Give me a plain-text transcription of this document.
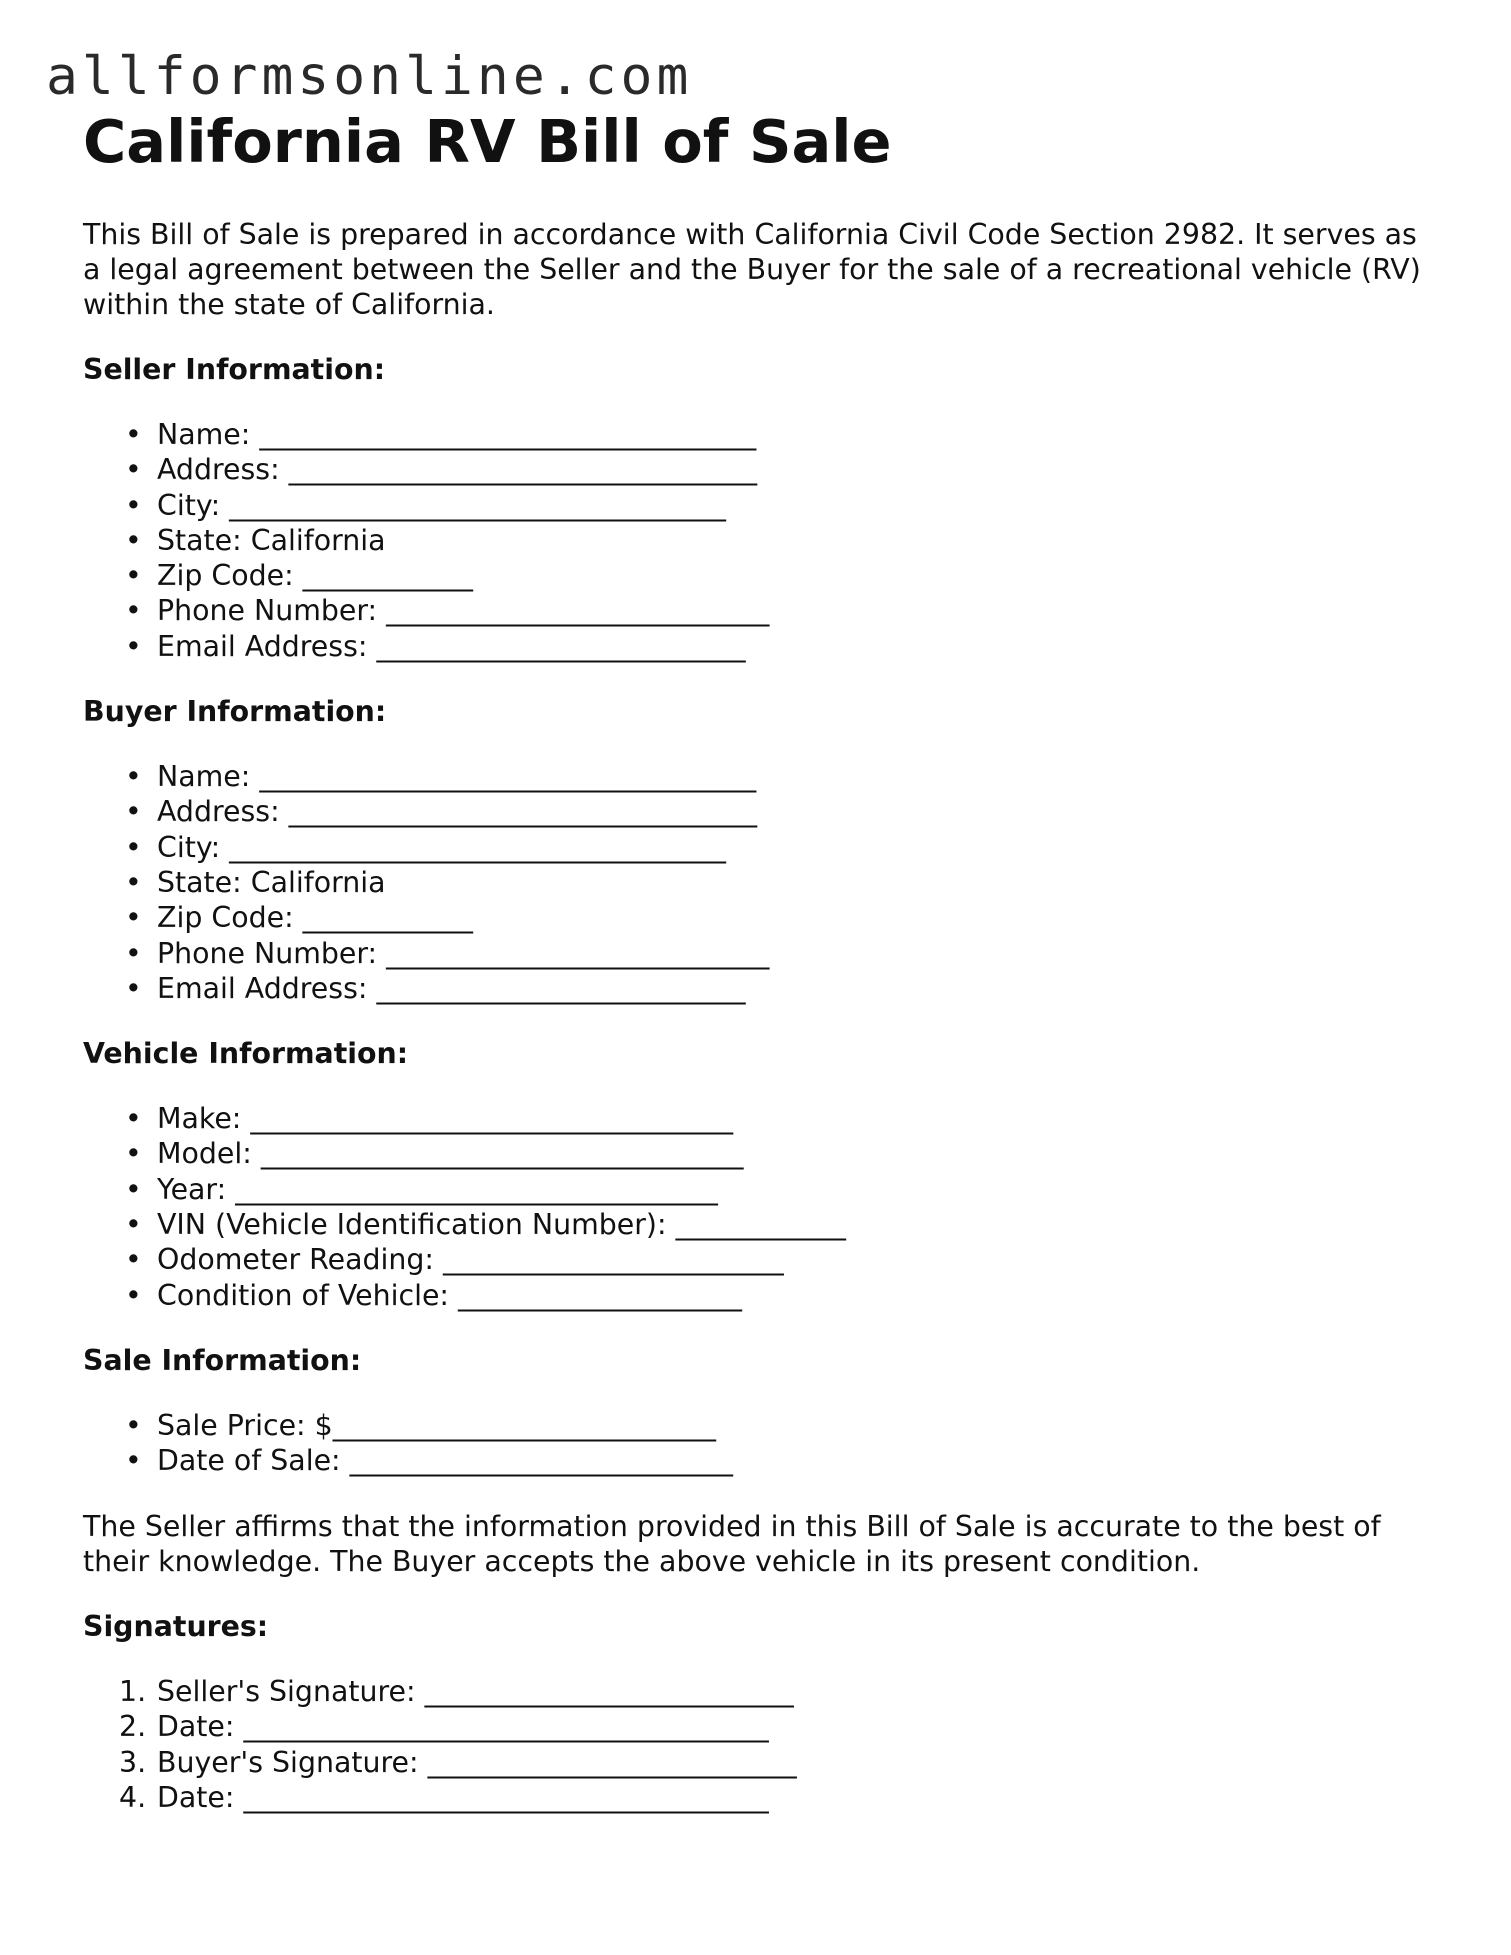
allformsonline.com
California RV Bill of Sale

This Bill of Sale is prepared in accordance with California Civil Code Section 2982. It serves as a legal agreement between the Seller and the Buyer for the sale of a recreational vehicle (RV) within the state of California.

Seller Information:
• Name: ___________________________________
• Address: _________________________________
• City: ___________________________________
• State: California
• Zip Code: ____________
• Phone Number: ___________________________
• Email Address: __________________________
Buyer Information:
• Name: ___________________________________
• Address: _________________________________
• City: ___________________________________
• State: California
• Zip Code: ____________
• Phone Number: ___________________________
• Email Address: __________________________
Vehicle Information:
• Make: __________________________________
• Model: __________________________________
• Year: __________________________________
• VIN (Vehicle Identification Number): ____________
• Odometer Reading: ________________________
• Condition of Vehicle: ____________________
Sale Information:
• Sale Price: $___________________________
• Date of Sale: ___________________________

The Seller affirms that the information provided in this Bill of Sale is accurate to the best of their knowledge. The Buyer accepts the above vehicle in its present condition.

Signatures:
Seller's Signature: __________________________
Date: _____________________________________
Buyer's Signature: __________________________
Date: _____________________________________
